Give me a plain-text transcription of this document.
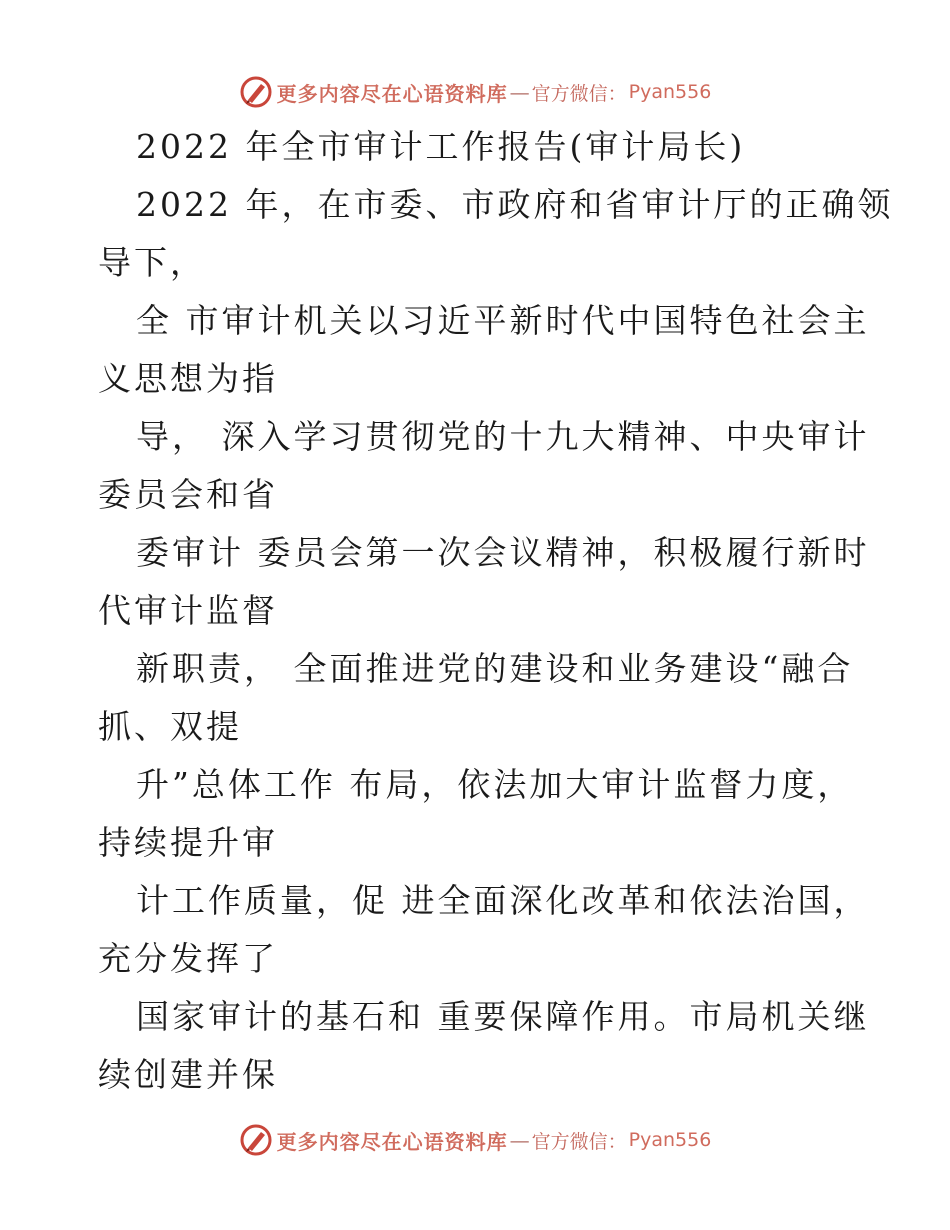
更多内容尽在心语资料库 — 官方微信： Pyan556
2022 年全市审计工作报告(审计局长)
2022 年，在市委、市政府和省审计厅的正确领
导下，
全 市审计机关以习近平新时代中国特色社会主
义思想为指
导， 深入学习贯彻党的十九大精神、中央审计
委员会和省
委审计 委员会第一次会议精神，积极履行新时
代审计监督
新职责， 全面推进党的建设和业务建设“融合
抓、双提
升”总体工作 布局，依法加大审计监督力度，
持续提升审
计工作质量，促 进全面深化改革和依法治国，
充分发挥了
国家审计的基石和 重要保障作用。市局机关继
续创建并保
更多内容尽在心语资料库 — 官方微信： Pyan556
